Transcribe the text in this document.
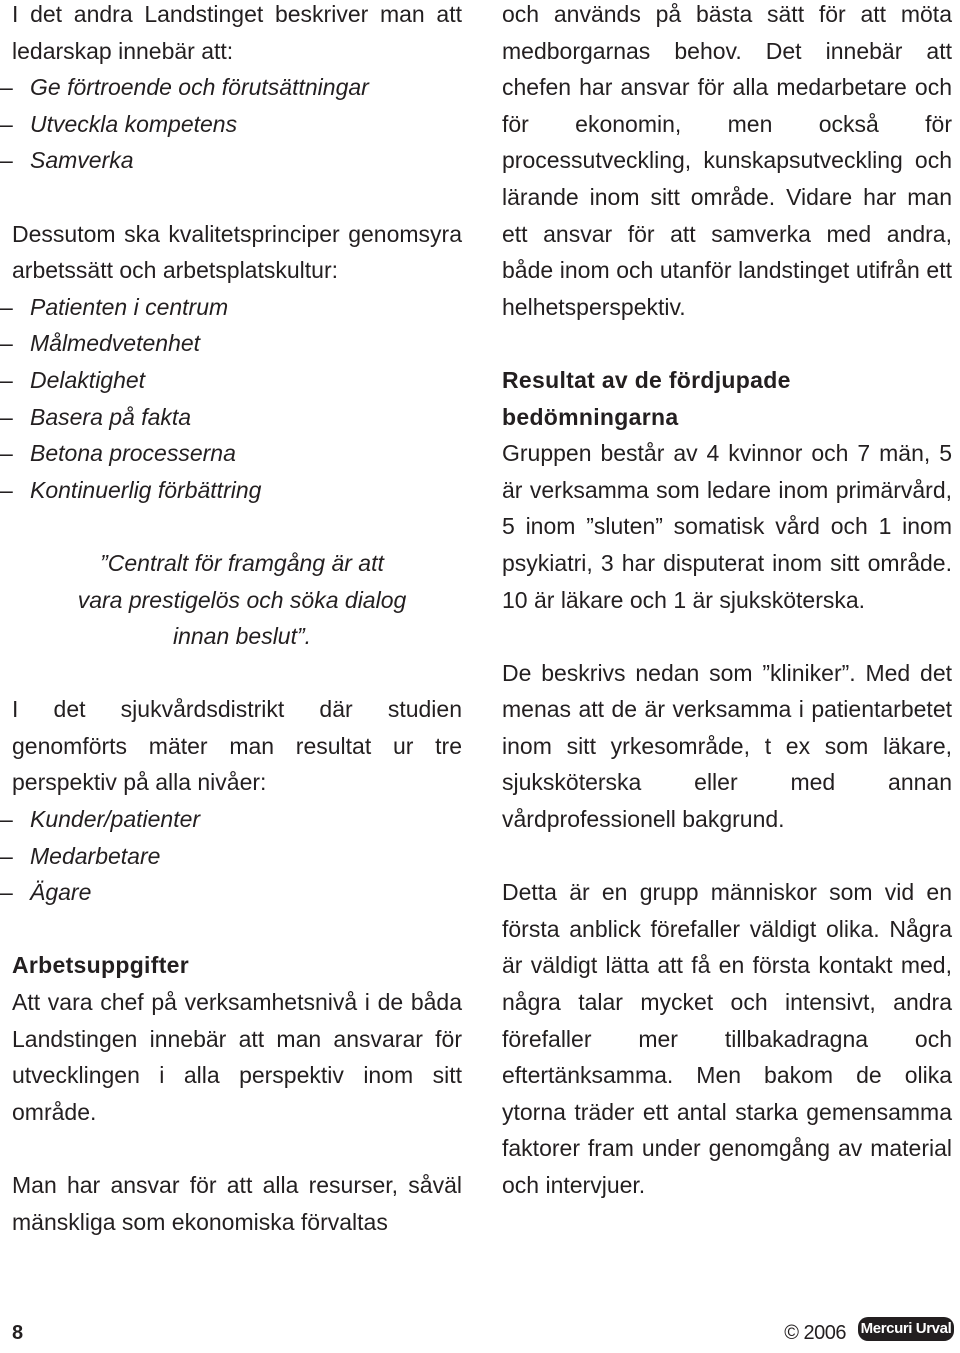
I det andra Landstinget beskriver man att ledarskap innebär att:

– Ge förtroende och förutsättningar
– Utveckla kompetens
– Samverka

Dessutom ska kvalitetsprinciper genomsyra arbetssätt och arbetsplatskultur:

– Patienten i centrum
– Målmedvetenhet
– Delaktighet
– Basera på fakta
– Betona processerna
– Kontinuerlig förbättring
”Centralt för framgång är att
vara prestigelös och söka dialog
innan beslut”.

I det sjukvårdsdistrikt där studien genomförts mäter man resultat ur tre perspektiv på alla nivåer:

– Kunder/patienter
– Medarbetare
– Ägare
Arbetsuppgifter

Att vara chef på verksamhetsnivå i de båda Landstingen innebär att man ansvarar för utvecklingen i alla perspektiv inom sitt område.

Man har ansvar för att alla resurser, såväl mänskliga som ekonomiska förvaltas

och används på bästa sätt för att möta medborgarnas behov. Det innebär att chefen har ansvar för alla medarbetare och för ekonomin, men också för processutveckling, kunskapsutveckling och lärande inom sitt område. Vidare har man ett ansvar för att samverka med andra, både inom och utanför landstinget utifrån ett helhetsperspektiv.

Resultat av de fördjupade
bedömningarna

Gruppen består av 4 kvinnor och 7 män, 5 är verksamma som ledare inom primärvård, 5 inom ”sluten” somatisk vård och 1 inom psykiatri, 3 har disputerat inom sitt område. 10 är läkare och 1 är sjuksköterska.

De beskrivs nedan som ”kliniker”. Med det menas att de är verksamma i patientarbetet inom sitt yrkesområde, t ex som läkare, sjuksköterska eller med annan vårdprofessionell bakgrund.

Detta är en grupp människor som vid en första anblick förefaller väldigt olika. Några är väldigt lätta att få en första kontakt med, några talar mycket och intensivt, andra förefaller mer tillbakadragna och eftertänksamma. Men bakom de olika ytorna träder ett antal starka gemensamma faktorer fram under genomgång av material och intervjuer.

8	© 2006 Mercuri Urval
